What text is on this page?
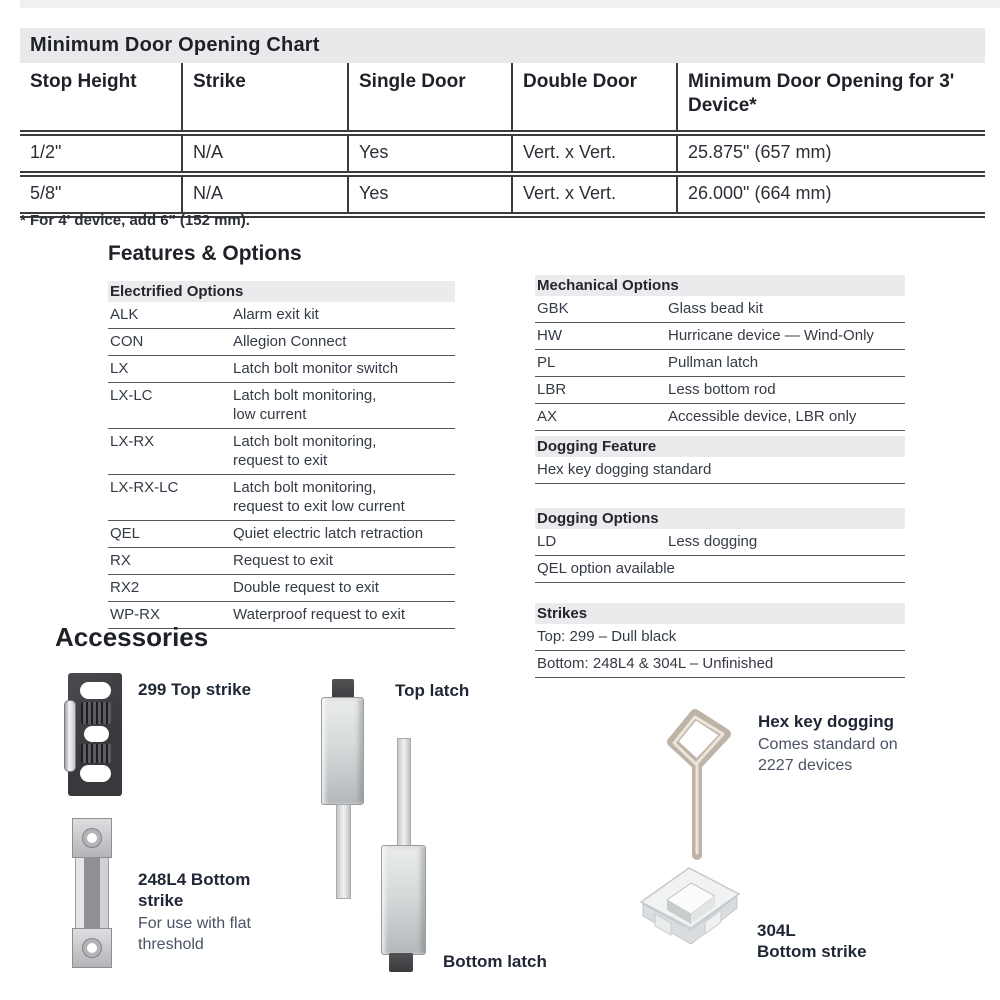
Minimum Door Opening Chart
Stop Height	Strike	Single Door	Double Door	Minimum Door Opening for 3' Device*
1/2"	N/A	Yes	Vert. x Vert.	25.875" (657 mm)
5/8"	N/A	Yes	Vert. x Vert.	26.000" (664 mm)
* For 4' device, add 6" (152 mm).
Features & Options
Electrified Options
ALK	Alarm exit kit
CON	Allegion Connect
LX	Latch bolt monitor switch
LX-LC	Latch bolt monitoring,
low current
LX-RX	Latch bolt monitoring,
request to exit
LX-RX-LC	Latch bolt monitoring,
request to exit low current
QEL	Quiet electric latch retraction
RX	Request to exit
RX2	Double request to exit
WP-RX	Waterproof request to exit
Mechanical Options
GBK	Glass bead kit
HW	Hurricane device — Wind-Only
PL	Pullman latch
LBR	Less bottom rod
AX	Accessible device, LBR only
Dogging Feature
Hex key dogging standard
Dogging Options
LD	Less dogging
QEL option available
Strikes
Top: 299 – Dull black
Bottom: 248L4 & 304L – Unfinished
Accessories
299 Top strike	Top latch
248L4 Bottom
strike
For use with flat
threshold
Bottom latch
Hex key dogging
Comes standard on
2227 devices
304L
Bottom strike
